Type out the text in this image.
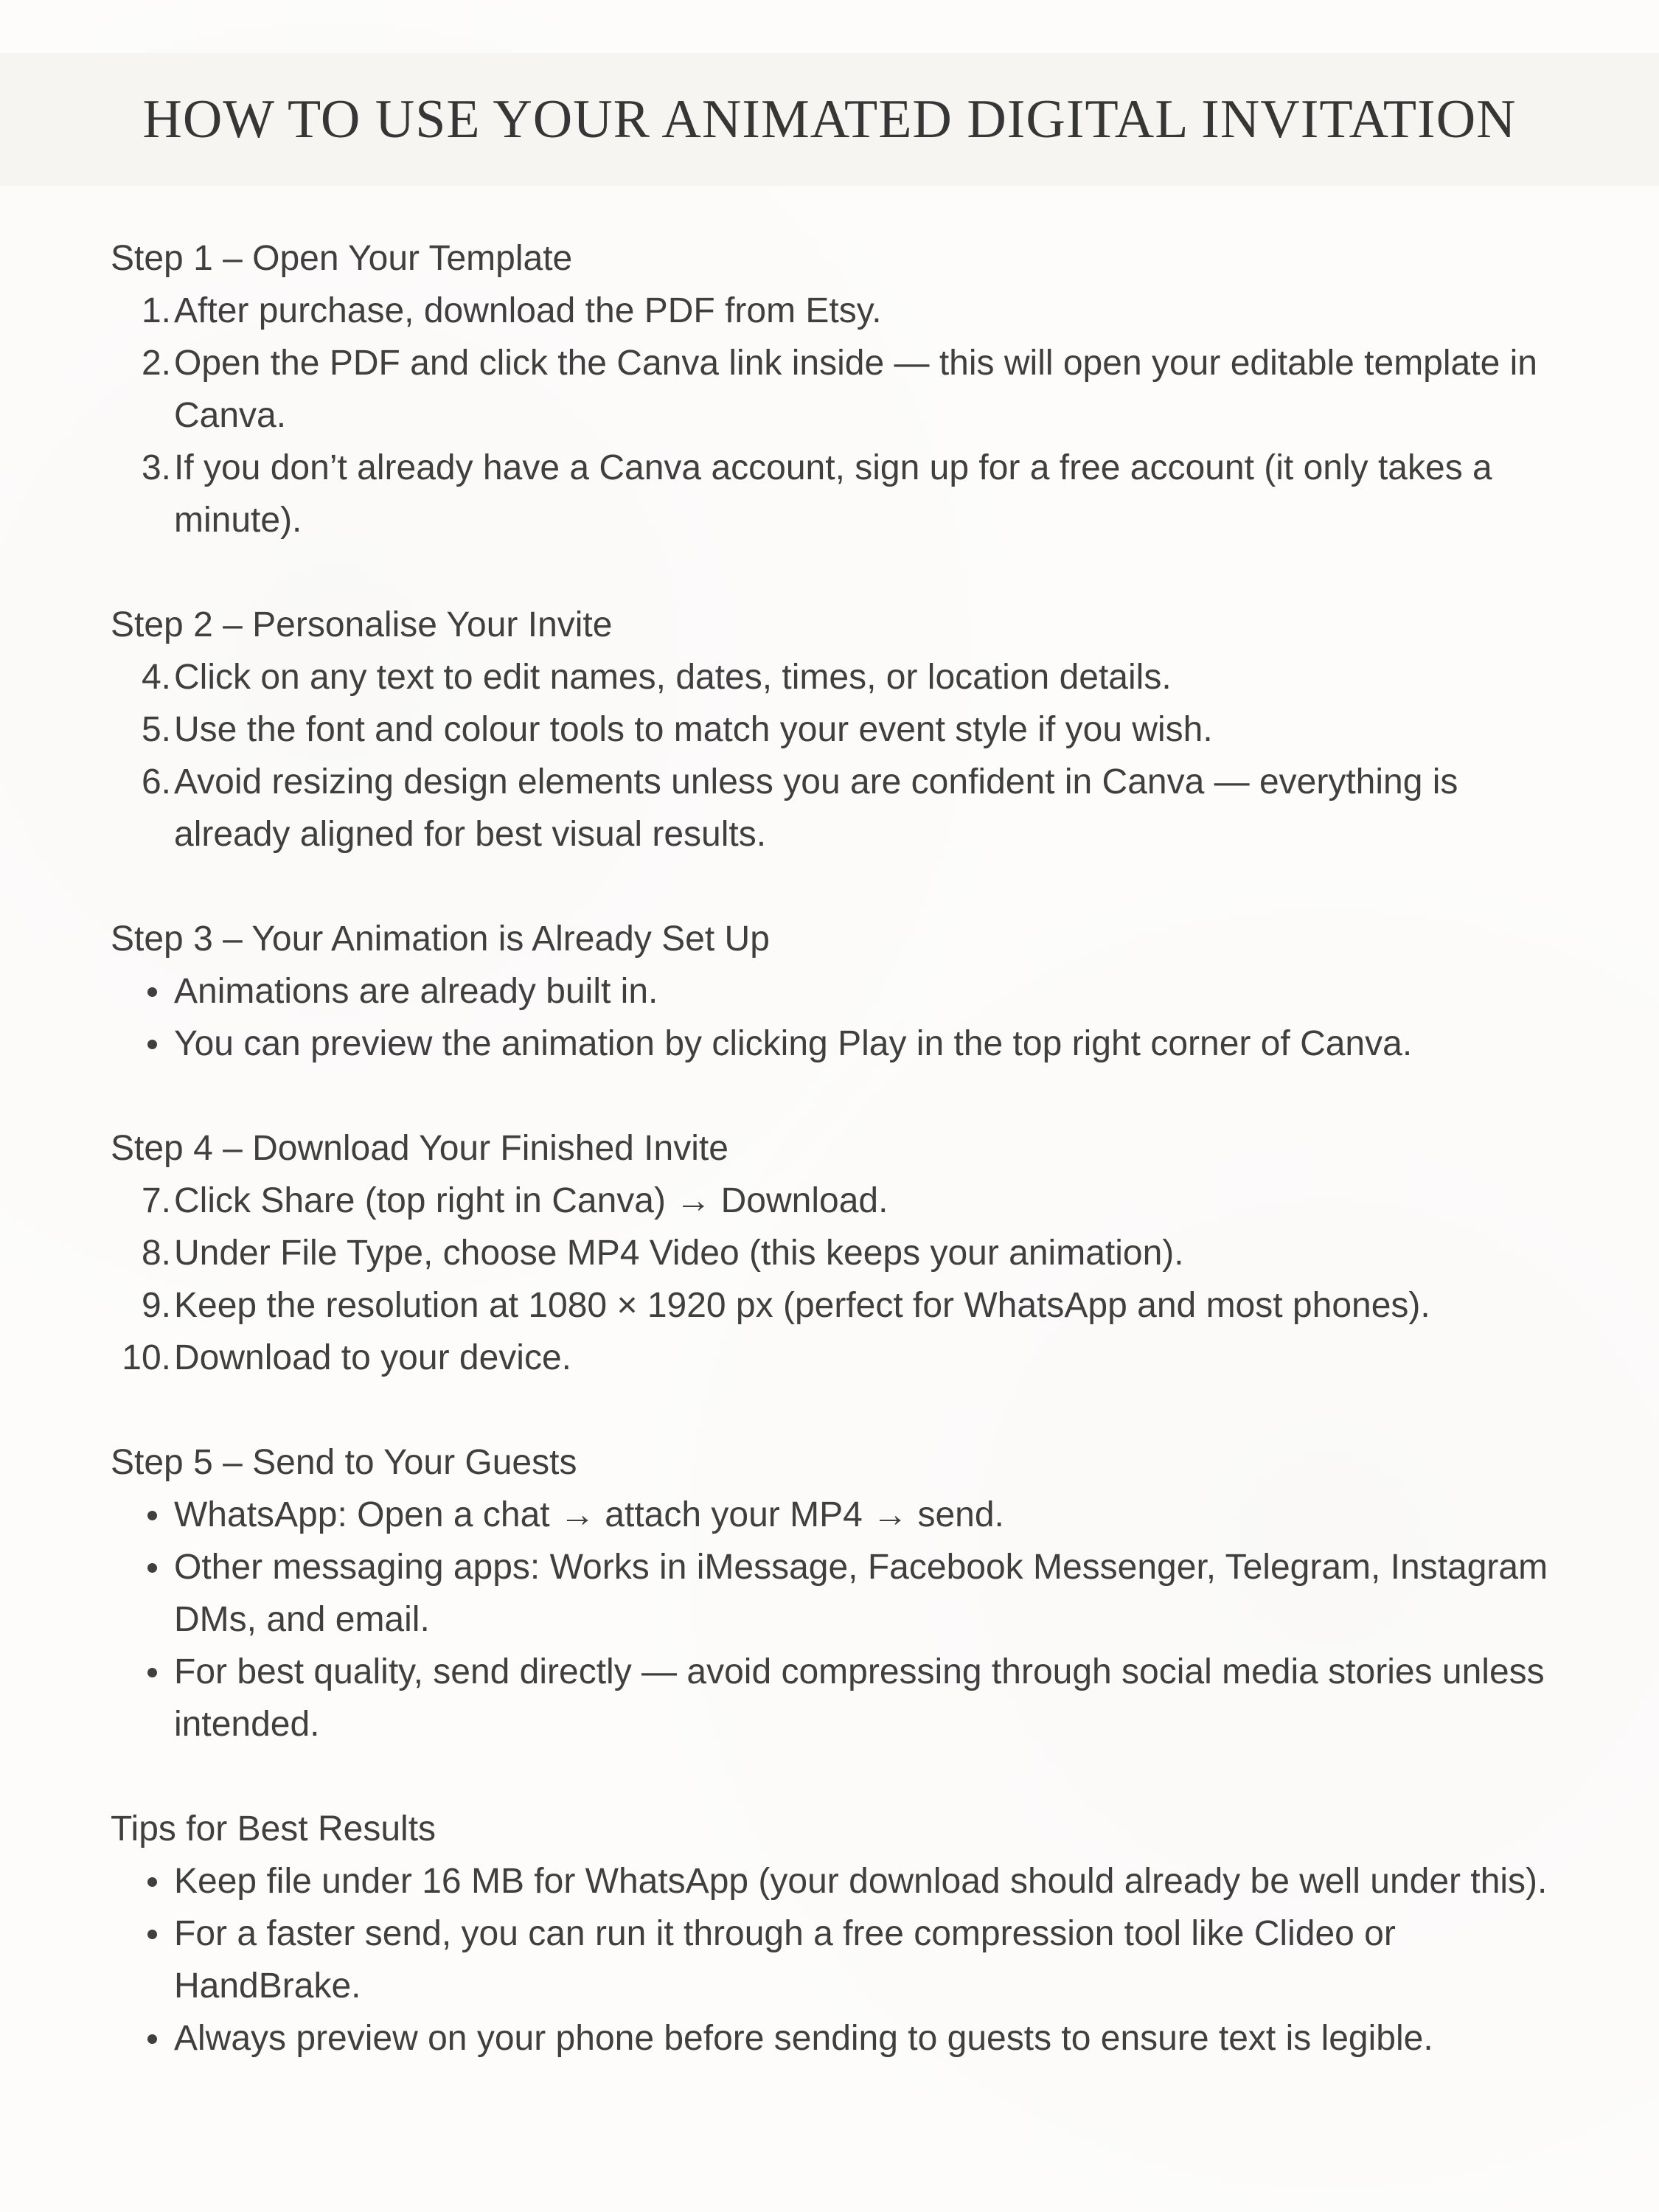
HOW TO USE YOUR ANIMATED DIGITAL INVITATION
Step 1 – Open Your Template
1. After purchase, download the PDF from Etsy.
2. Open the PDF and click the Canva link inside — this will open your editable template in Canva.
3. If you don’t already have a Canva account, sign up for a free account (it only takes a minute).
Step 2 – Personalise Your Invite
4. Click on any text to edit names, dates, times, or location details.
5. Use the font and colour tools to match your event style if you wish.
6. Avoid resizing design elements unless you are confident in Canva — everything is already aligned for best visual results.
Step 3 – Your Animation is Already Set Up
Animations are already built in.
You can preview the animation by clicking Play in the top right corner of Canva.
Step 4 – Download Your Finished Invite
7. Click Share (top right in Canva) → Download.
8. Under File Type, choose MP4 Video (this keeps your animation).
9. Keep the resolution at 1080 × 1920 px (perfect for WhatsApp and most phones).
10. Download to your device.
Step 5 – Send to Your Guests
WhatsApp: Open a chat → attach your MP4 → send.
Other messaging apps: Works in iMessage, Facebook Messenger, Telegram, Instagram DMs, and email.
For best quality, send directly — avoid compressing through social media stories unless intended.
Tips for Best Results
Keep file under 16 MB for WhatsApp (your download should already be well under this).
For a faster send, you can run it through a free compression tool like Clideo or HandBrake.
Always preview on your phone before sending to guests to ensure text is legible.
